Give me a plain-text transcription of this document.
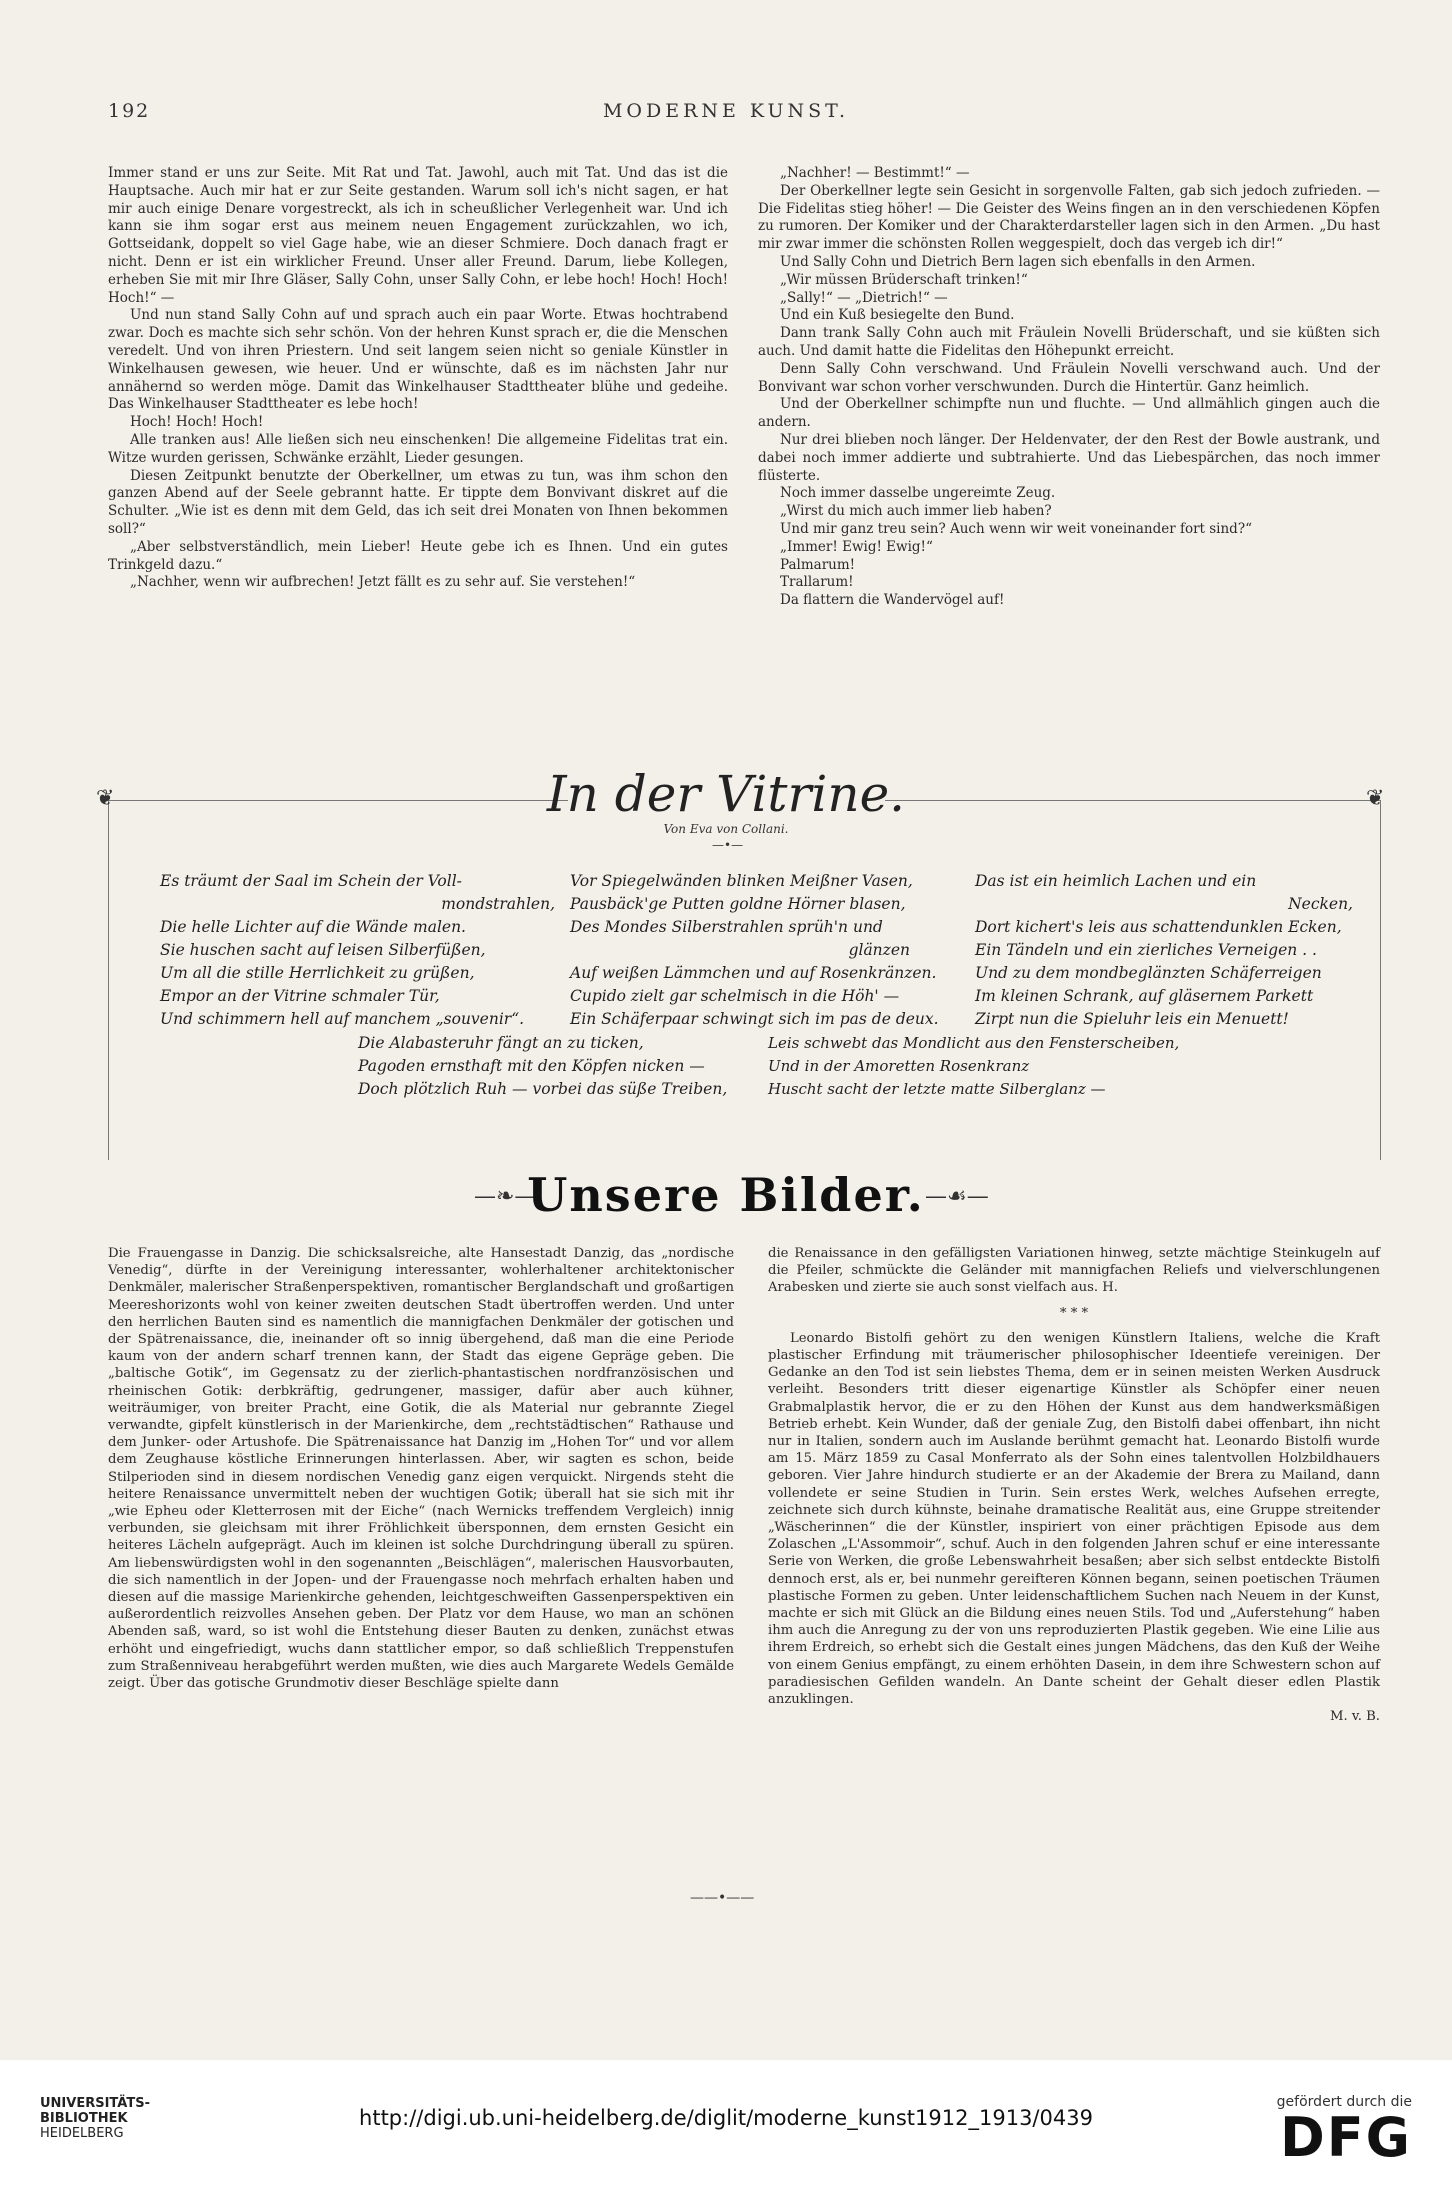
192	MODERNE KUNST.

Immer stand er uns zur Seite. Mit Rat und Tat. Jawohl, auch mit Tat. Und das ist die Hauptsache. Auch mir hat er zur Seite gestanden. Warum soll ich's nicht sagen, er hat mir auch einige Denare vorgestreckt, als ich in scheußlicher Verlegenheit war. Und ich kann sie ihm sogar erst aus meinem neuen Engagement zurückzahlen, wo ich, Gottseidank, doppelt so viel Gage habe, wie an dieser Schmiere. Doch danach fragt er nicht. Denn er ist ein wirklicher Freund. Unser aller Freund. Darum, liebe Kollegen, erheben Sie mit mir Ihre Gläser, Sally Cohn, unser Sally Cohn, er lebe hoch! Hoch! Hoch! Hoch!“ —

Und nun stand Sally Cohn auf und sprach auch ein paar Worte. Etwas hochtrabend zwar. Doch es machte sich sehr schön. Von der hehren Kunst sprach er, die die Menschen veredelt. Und von ihren Priestern. Und seit langem seien nicht so geniale Künstler in Winkelhausen gewesen, wie heuer. Und er wünschte, daß es im nächsten Jahr nur annähernd so werden möge. Damit das Winkelhauser Stadttheater blühe und gedeihe. Das Winkelhauser Stadttheater es lebe hoch!

Hoch! Hoch! Hoch!

Alle tranken aus! Alle ließen sich neu einschenken! Die allgemeine Fidelitas trat ein. Witze wurden gerissen, Schwänke erzählt, Lieder gesungen.

Diesen Zeitpunkt benutzte der Oberkellner, um etwas zu tun, was ihm schon den ganzen Abend auf der Seele gebrannt hatte. Er tippte dem Bonvivant diskret auf die Schulter. „Wie ist es denn mit dem Geld, das ich seit drei Monaten von Ihnen bekommen soll?“

„Aber selbstverständlich, mein Lieber! Heute gebe ich es Ihnen. Und ein gutes Trinkgeld dazu.“

„Nachher, wenn wir aufbrechen! Jetzt fällt es zu sehr auf. Sie verstehen!“

„Nachher! — Bestimmt!“ —

Der Oberkellner legte sein Gesicht in sorgenvolle Falten, gab sich jedoch zufrieden. — Die Fidelitas stieg höher! — Die Geister des Weins fingen an in den verschiedenen Köpfen zu rumoren. Der Komiker und der Charakterdarsteller lagen sich in den Armen. „Du hast mir zwar immer die schönsten Rollen weggespielt, doch das vergeb ich dir!“

Und Sally Cohn und Dietrich Bern lagen sich ebenfalls in den Armen.

„Wir müssen Brüderschaft trinken!“

„Sally!“ — „Dietrich!“ —

Und ein Kuß besiegelte den Bund.

Dann trank Sally Cohn auch mit Fräulein Novelli Brüderschaft, und sie küßten sich auch. Und damit hatte die Fidelitas den Höhepunkt erreicht.

Denn Sally Cohn verschwand. Und Fräulein Novelli verschwand auch. Und der Bonvivant war schon vorher verschwunden. Durch die Hintertür. Ganz heimlich.

Und der Oberkellner schimpfte nun und fluchte. — Und allmählich gingen auch die andern.

Nur drei blieben noch länger. Der Heldenvater, der den Rest der Bowle austrank, und dabei noch immer addierte und subtrahierte. Und das Liebespärchen, das noch immer flüsterte.

Noch immer dasselbe ungereimte Zeug.

„Wirst du mich auch immer lieb haben?

Und mir ganz treu sein? Auch wenn wir weit voneinander fort sind?“

„Immer! Ewig! Ewig!“

Palmarum!

Trallarum!

Da flattern die Wandervögel auf!

❦	❦
In der Vitrine.
Von Eva von Collani.
—•—
Es träumt der Saal im Schein der Voll-
mondstrahlen,
Die helle Lichter auf die Wände malen.
Sie huschen sacht auf leisen Silberfüßen,
Um all die stille Herrlichkeit zu grüßen,
Empor an der Vitrine schmaler Tür,
Und schimmern hell auf manchem „souvenir“.
Vor Spiegelwänden blinken Meißner Vasen,
Pausbäck'ge Putten goldne Hörner blasen,
Des Mondes Silberstrahlen sprüh'n und
glänzen
Auf weißen Lämmchen und auf Rosenkränzen.
Cupido zielt gar schelmisch in die Höh' —
Ein Schäferpaar schwingt sich im pas de deux.
Das ist ein heimlich Lachen und ein
Necken,
Dort kichert's leis aus schattendunklen Ecken,
Ein Tändeln und ein zierliches Verneigen . .
Und zu dem mondbeglänzten Schäferreigen
Im kleinen Schrank, auf gläsernem Parkett
Zirpt nun die Spieluhr leis ein Menuett!
Die Alabasteruhr fängt an zu ticken,
Pagoden ernsthaft mit den Köpfen nicken —
Doch plötzlich Ruh — vorbei das süße Treiben,
Leis schwebt das Mondlicht aus den Fensterscheiben,
Und in der Amoretten Rosenkranz
Huscht sacht der letzte matte Silberglanz —
—❧—
Unsere Bilder. —☙—

Die Frauengasse in Danzig. Die schicksalsreiche, alte Hansestadt Danzig, das „nordische Venedig“, dürfte in der Vereinigung interessanter, wohlerhaltener architektonischer Denkmäler, malerischer Straßenperspektiven, romantischer Berglandschaft und großartigen Meereshorizonts wohl von keiner zweiten deutschen Stadt übertroffen werden. Und unter den herrlichen Bauten sind es namentlich die mannigfachen Denkmäler der gotischen und der Spätrenaissance, die, ineinander oft so innig übergehend, daß man die eine Periode kaum von der andern scharf trennen kann, der Stadt das eigene Gepräge geben. Die „baltische Gotik“, im Gegensatz zu der zierlich-phantastischen nordfranzösischen und rheinischen Gotik: derbkräftig, gedrungener, massiger, dafür aber auch kühner, weiträumiger, von breiter Pracht, eine Gotik, die als Material nur gebrannte Ziegel verwandte, gipfelt künstlerisch in der Marienkirche, dem „rechtstädtischen“ Rathause und dem Junker- oder Artushofe. Die Spätrenaissance hat Danzig im „Hohen Tor“ und vor allem dem Zeughause köstliche Erinnerungen hinterlassen. Aber, wir sagten es schon, beide Stilperioden sind in diesem nordischen Venedig ganz eigen verquickt. Nirgends steht die heitere Renaissance unvermittelt neben der wuchtigen Gotik; überall hat sie sich mit ihr „wie Epheu oder Kletterrosen mit der Eiche“ (nach Wernicks treffendem Vergleich) innig verbunden, sie gleichsam mit ihrer Fröhlichkeit übersponnen, dem ernsten Gesicht ein heiteres Lächeln aufgeprägt. Auch im kleinen ist solche Durchdringung überall zu spüren. Am liebenswürdigsten wohl in den sogenannten „Beischlägen“, malerischen Hausvorbauten, die sich namentlich in der Jopen- und der Frauengasse noch mehrfach erhalten haben und diesen auf die massige Marienkirche gehenden, leichtgeschweiften Gassenperspektiven ein außerordentlich reizvolles Ansehen geben. Der Platz vor dem Hause, wo man an schönen Abenden saß, ward, so ist wohl die Entstehung dieser Bauten zu denken, zunächst etwas erhöht und eingefriedigt, wuchs dann stattlicher empor, so daß schließlich Treppenstufen zum Straßenniveau herabgeführt werden mußten, wie dies auch Margarete Wedels Gemälde zeigt. Über das gotische Grundmotiv dieser Beschläge spielte dann

die Renaissance in den gefälligsten Variationen hinweg, setzte mächtige Steinkugeln auf die Pfeiler, schmückte die Geländer mit mannigfachen Reliefs und vielverschlungenen Arabesken und zierte sie auch sonst vielfach aus. H.

* * *

Leonardo Bistolfi gehört zu den wenigen Künstlern Italiens, welche die Kraft plastischer Erfindung mit träumerischer philosophischer Ideentiefe vereinigen. Der Gedanke an den Tod ist sein liebstes Thema, dem er in seinen meisten Werken Ausdruck verleiht. Besonders tritt dieser eigenartige Künstler als Schöpfer einer neuen Grabmalplastik hervor, die er zu den Höhen der Kunst aus dem handwerksmäßigen Betrieb erhebt. Kein Wunder, daß der geniale Zug, den Bistolfi dabei offenbart, ihn nicht nur in Italien, sondern auch im Auslande berühmt gemacht hat. Leonardo Bistolfi wurde am 15. März 1859 zu Casal Monferrato als der Sohn eines talentvollen Holzbildhauers geboren. Vier Jahre hindurch studierte er an der Akademie der Brera zu Mailand, dann vollendete er seine Studien in Turin. Sein erstes Werk, welches Aufsehen erregte, zeichnete sich durch kühnste, beinahe dramatische Realität aus, eine Gruppe streitender „Wäscherinnen“ die der Künstler, inspiriert von einer prächtigen Episode aus dem Zolaschen „L'Assommoir“, schuf. Auch in den folgenden Jahren schuf er eine interessante Serie von Werken, die große Lebenswahrheit besaßen; aber sich selbst entdeckte Bistolfi dennoch erst, als er, bei nunmehr gereifteren Können begann, seinen poetischen Träumen plastische Formen zu geben. Unter leidenschaftlichem Suchen nach Neuem in der Kunst, machte er sich mit Glück an die Bildung eines neuen Stils. Tod und „Auferstehung“ haben ihm auch die Anregung zu der von uns reproduzierten Plastik gegeben. Wie eine Lilie aus ihrem Erdreich, so erhebt sich die Gestalt eines jungen Mädchens, das den Kuß der Weihe von einem Genius empfängt, zu einem erhöhten Dasein, in dem ihre Schwestern schon auf paradiesischen Gefilden wandeln. An Dante scheint der Gehalt dieser edlen Plastik anzuklingen.

M. v. B.

——•——
UNIVERSITÄTS-
BIBLIOTHEK
HEIDELBERG
http://digi.ub.uni-heidelberg.de/diglit/moderne_kunst1912_1913/0439
gefördert durch die
DFG
